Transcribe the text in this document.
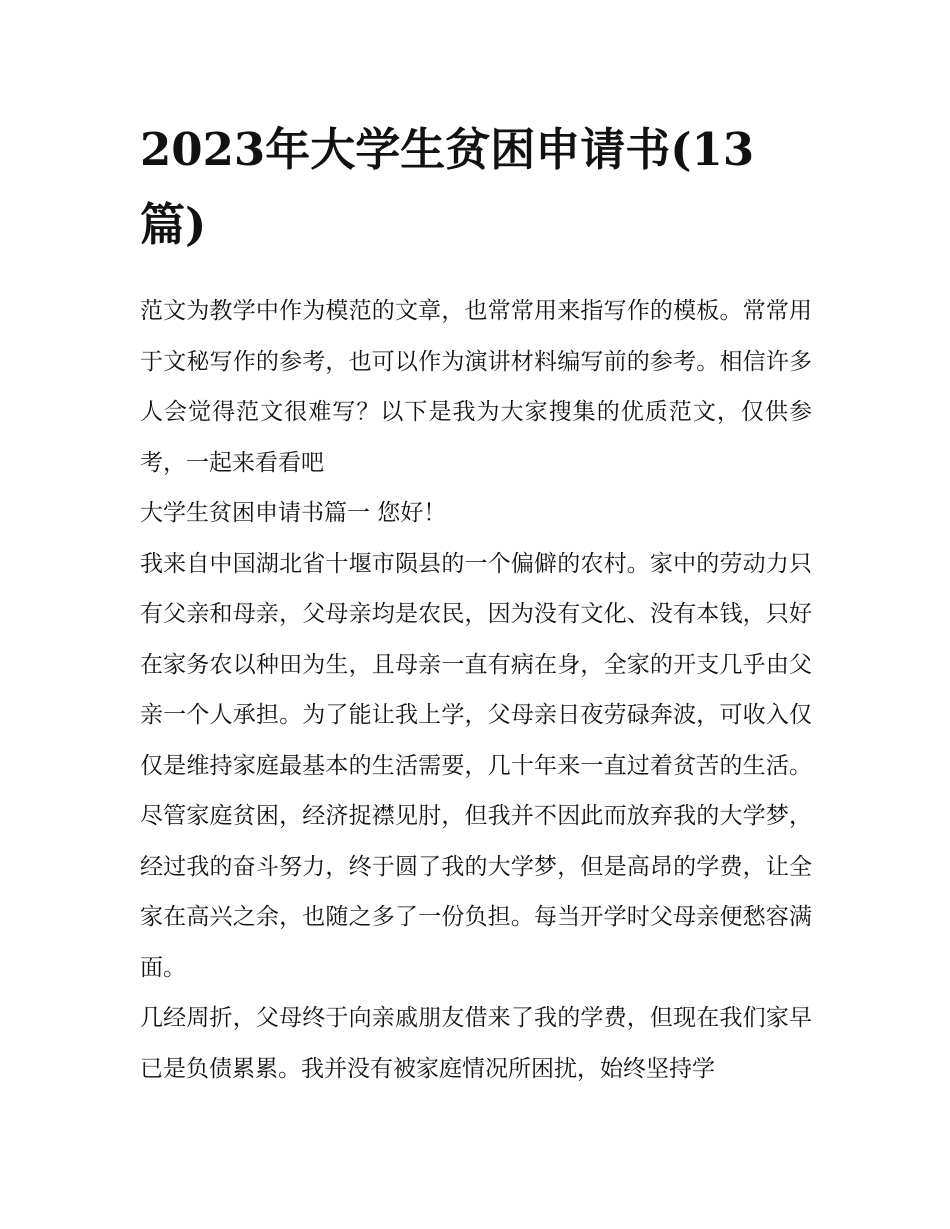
2023年大学生贫困申请书(13篇)

范文为教学中作为模范的文章，也常常用来指写作的模板。常常用于文秘写作的参考，也可以作为演讲材料编写前的参考。相信许多人会觉得范文很难写？以下是我为大家搜集的优质范文，仅供参考，一起来看看吧

大学生贫困申请书篇一 您好！

我来自中国湖北省十堰市陨县的一个偏僻的农村。家中的劳动力只有父亲和母亲，父母亲均是农民，因为没有文化、没有本钱，只好在家务农以种田为生，且母亲一直有病在身，全家的开支几乎由父亲一个人承担。为了能让我上学，父母亲日夜劳碌奔波，可收入仅仅是维持家庭最基本的生活需要，几十年来一直过着贫苦的生活。尽管家庭贫困，经济捉襟见肘，但我并不因此而放弃我的大学梦，经过我的奋斗努力，终于圆了我的大学梦，但是高昂的学费，让全家在高兴之余，也随之多了一份负担。每当开学时父母亲便愁容满面。

几经周折，父母终于向亲戚朋友借来了我的学费，但现在我们家早已是负债累累。我并没有被家庭情况所困扰，始终坚持学
